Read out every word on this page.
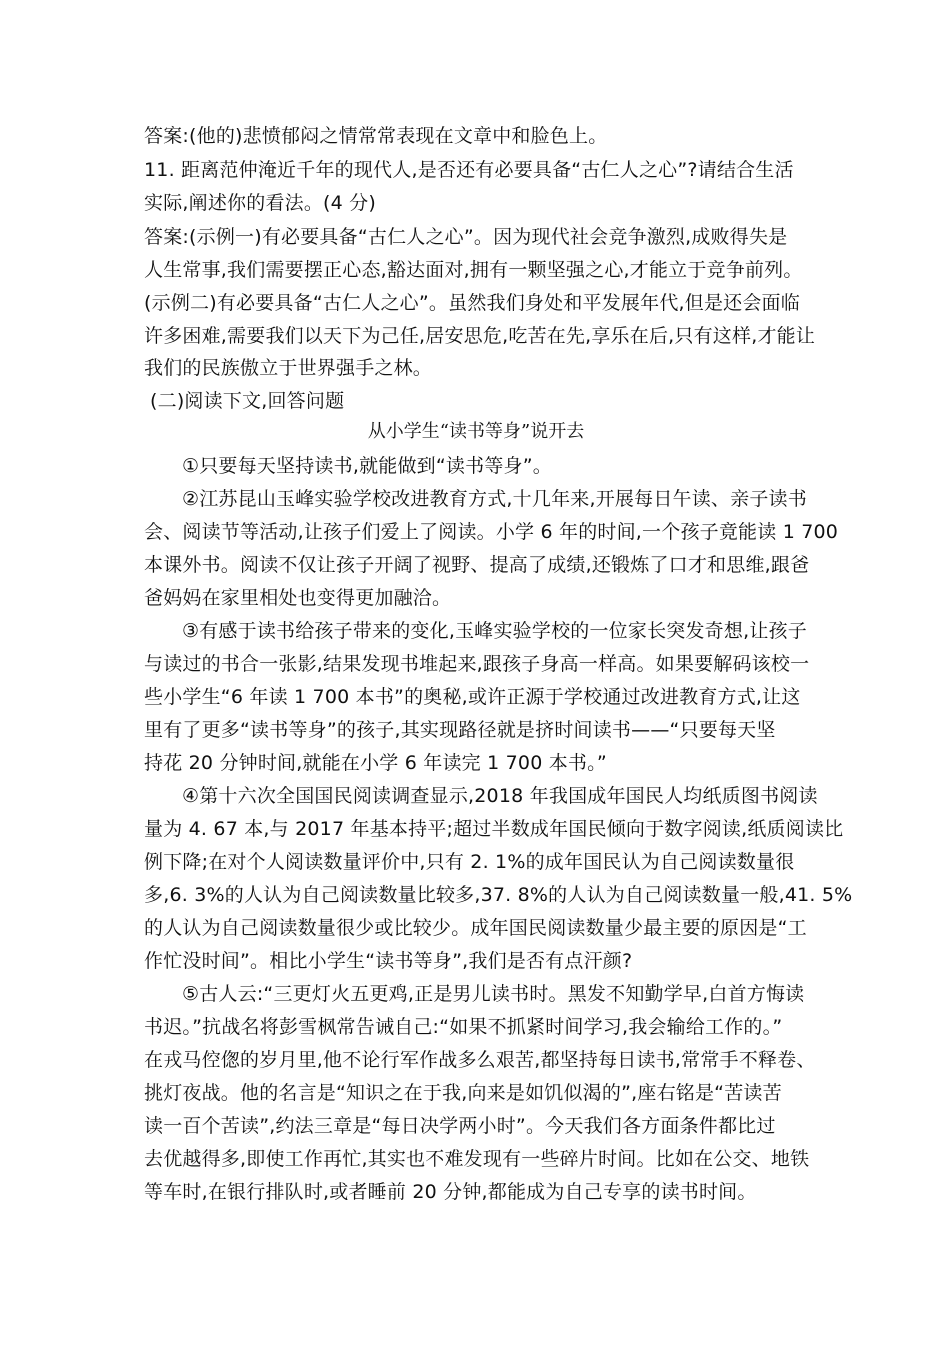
答案:(他的)悲愤郁闷之情常常表现在文章中和脸色上。
11. 距离范仲淹近千年的现代人,是否还有必要具备“古仁人之心”?请结合生活
实际,阐述你的看法。(4 分)
答案:(示例一)有必要具备“古仁人之心”。因为现代社会竞争激烈,成败得失是
人生常事,我们需要摆正心态,豁达面对,拥有一颗坚强之心,才能立于竞争前列。
(示例二)有必要具备“古仁人之心”。虽然我们身处和平发展年代,但是还会面临
许多困难,需要我们以天下为己任,居安思危,吃苦在先,享乐在后,只有这样,才能让
我们的民族傲立于世界强手之林。
(二)阅读下文,回答问题
从小学生“读书等身”说开去
①只要每天坚持读书,就能做到“读书等身”。
②江苏昆山玉峰实验学校改进教育方式,十几年来,开展每日午读、亲子读书
会、阅读节等活动,让孩子们爱上了阅读。小学 6 年的时间,一个孩子竟能读 1 700
本课外书。阅读不仅让孩子开阔了视野、提高了成绩,还锻炼了口才和思维,跟爸
爸妈妈在家里相处也变得更加融洽。
③有感于读书给孩子带来的变化,玉峰实验学校的一位家长突发奇想,让孩子
与读过的书合一张影,结果发现书堆起来,跟孩子身高一样高。如果要解码该校一
些小学生“6 年读 1 700 本书”的奥秘,或许正源于学校通过改进教育方式,让这
里有了更多“读书等身”的孩子,其实现路径就是挤时间读书——“只要每天坚
持花 20 分钟时间,就能在小学 6 年读完 1 700 本书。”
④第十六次全国国民阅读调查显示,2018 年我国成年国民人均纸质图书阅读
量为 4. 67 本,与 2017 年基本持平;超过半数成年国民倾向于数字阅读,纸质阅读比
例下降;在对个人阅读数量评价中,只有 2. 1%的成年国民认为自己阅读数量很
多,6. 3%的人认为自己阅读数量比较多,37. 8%的人认为自己阅读数量一般,41. 5%
的人认为自己阅读数量很少或比较少。成年国民阅读数量少最主要的原因是“工
作忙没时间”。相比小学生“读书等身”,我们是否有点汗颜?
⑤古人云:“三更灯火五更鸡,正是男儿读书时。黑发不知勤学早,白首方悔读
书迟。”抗战名将彭雪枫常告诫自己:“如果不抓紧时间学习,我会输给工作的。”
在戎马倥偬的岁月里,他不论行军作战多么艰苦,都坚持每日读书,常常手不释卷、
挑灯夜战。他的名言是“知识之在于我,向来是如饥似渴的”,座右铭是“苦读苦
读一百个苦读”,约法三章是“每日决学两小时”。今天我们各方面条件都比过
去优越得多,即使工作再忙,其实也不难发现有一些碎片时间。比如在公交、地铁
等车时,在银行排队时,或者睡前 20 分钟,都能成为自己专享的读书时间。
